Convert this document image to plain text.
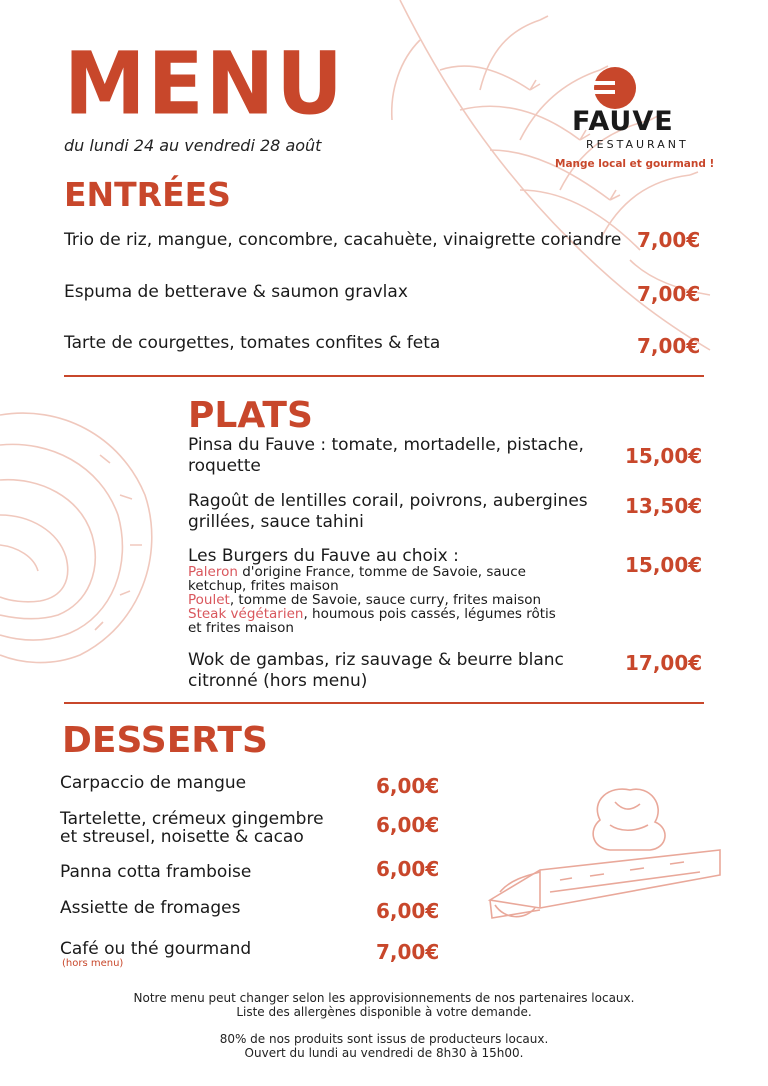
MENU
du lundi 24 au vendredi 28 août
FAUVE
RESTAURANT
Mange local et gourmand !
ENTRÉES
Trio de riz, mangue, concombre, cacahuète, vinaigrette coriandre 7,00€
Espuma de betterave & saumon gravlax	7,00€
Tarte de courgettes, tomates confites & feta	7,00€
PLATS
Pinsa du Fauve : tomate, mortadelle, pistache,
roquette	15,00€
Ragoût de lentilles corail, poivrons, aubergines
grillées, sauce tahini
13,50€
Les Burgers du Fauve au choix :
Paleron d'origine France, tomme de Savoie, sauce
ketchup, frites maison
Poulet, tomme de Savoie, sauce curry, frites maison
Steak végétarien, houmous pois cassés, légumes rôtis
et frites maison
15,00€
Wok de gambas, riz sauvage & beurre blanc
citronné (hors menu)
17,00€
DESSERTS
Carpaccio de mangue	6,00€
Tartelette, crémeux gingembre
et streusel, noisette & cacao	6,00€
Panna cotta framboise	6,00€
Assiette de fromages	6,00€
Café ou thé gourmand
(hors menu)	7,00€
Notre menu peut changer selon les approvisionnements de nos partenaires locaux.
Liste des allergènes disponible à votre demande.
80% de nos produits sont issus de producteurs locaux.
Ouvert du lundi au vendredi de 8h30 à 15h00.
